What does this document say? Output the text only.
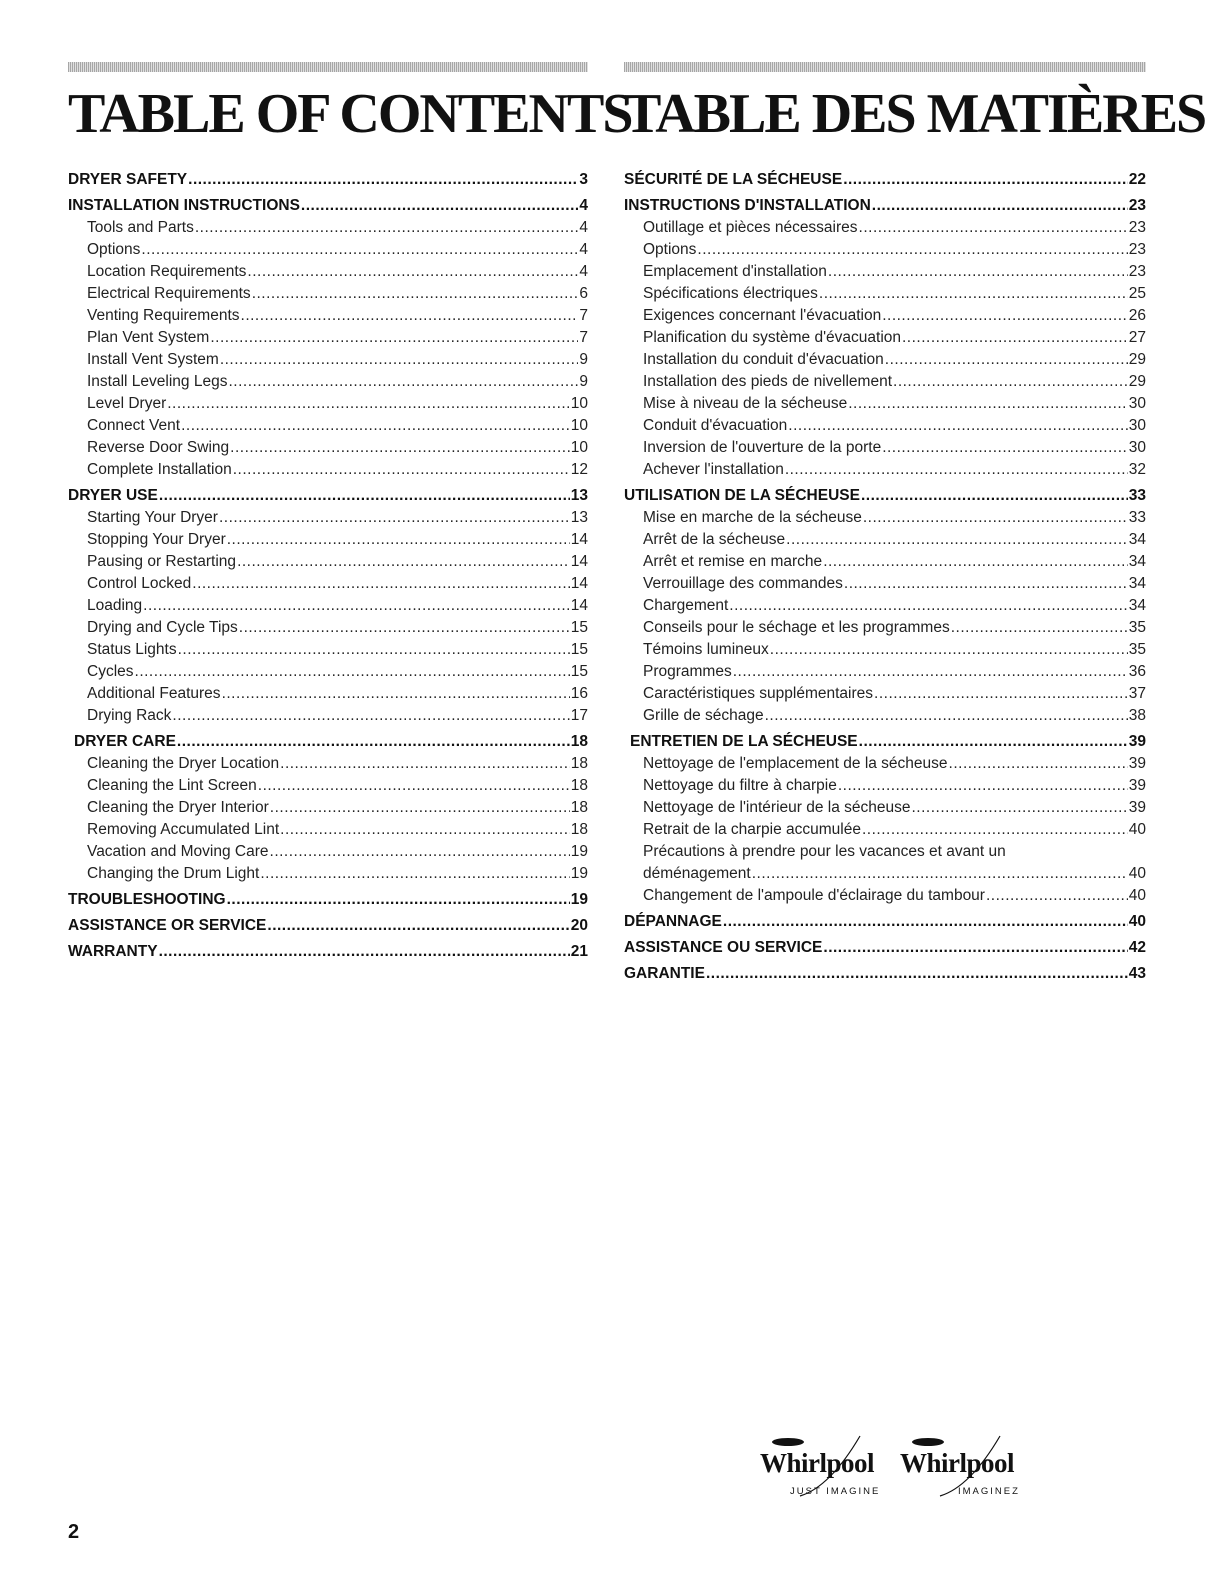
TABLE OF CONTENTS
DRYER SAFETY .....	3
INSTALLATION INSTRUCTIONS .....	4
Tools and Parts .....	4
Options .....	4
Location Requirements .....	4
Electrical Requirements .....	6
Venting Requirements .....	7
Plan Vent System .....	7
Install Vent System .....	9
Install Leveling Legs .....	9
Level Dryer .....	10
Connect Vent .....	10
Reverse Door Swing .....	10
Complete Installation .....	12
DRYER USE .....	13
Starting Your Dryer .....	13
Stopping Your Dryer .....	14
Pausing or Restarting .....	14
Control Locked .....	14
Loading .....	14
Drying and Cycle Tips .....	15
Status Lights .....	15
Cycles .....	15
Additional Features .....	16
Drying Rack .....	17
DRYER CARE .....	18
Cleaning the Dryer Location .....	18
Cleaning the Lint Screen .....	18
Cleaning the Dryer Interior .....	18
Removing Accumulated Lint .....	18
Vacation and Moving Care .....	19
Changing the Drum Light .....	19
TROUBLESHOOTING .....	19
ASSISTANCE OR SERVICE .....	20
WARRANTY .....	21
TABLE DES MATIÈRES
SÉCURITÉ DE LA SÉCHEUSE .....	22
INSTRUCTIONS D'INSTALLATION .....	23
Outillage et pièces nécessaires .....	23
Options .....	23
Emplacement d'installation .....	23
Spécifications électriques .....	25
Exigences concernant l'évacuation .....	26
Planification du système d'évacuation .....	27
Installation du conduit d'évacuation .....	29
Installation des pieds de nivellement .....	29
Mise à niveau de la sécheuse .....	30
Conduit d'évacuation .....	30
Inversion de l'ouverture de la porte .....	30
Achever l'installation .....	32
UTILISATION DE LA SÉCHEUSE .....	33
Mise en marche de la sécheuse .....	33
Arrêt de la sécheuse .....	34
Arrêt et remise en marche .....	34
Verrouillage des commandes .....	34
Chargement .....	34
Conseils pour le séchage et les programmes .....	35
Témoins lumineux .....	35
Programmes .....	36
Caractéristiques supplémentaires .....	37
Grille de séchage .....	38
ENTRETIEN DE LA SÉCHEUSE .....	39
Nettoyage de l'emplacement de la sécheuse .....	39
Nettoyage du filtre à charpie .....	39
Nettoyage de l'intérieur de la sécheuse .....	39
Retrait de la charpie accumulée .....	40
Précautions à prendre pour les vacances et avant un
déménagement .....	40
Changement de l'ampoule d'éclairage du tambour .....	40
DÉPANNAGE .....	40
ASSISTANCE OU SERVICE .....	42
GARANTIE .....	43
Whirlpool
JUST IMAGINE
Whirlpool
IMAGINEZ
2
